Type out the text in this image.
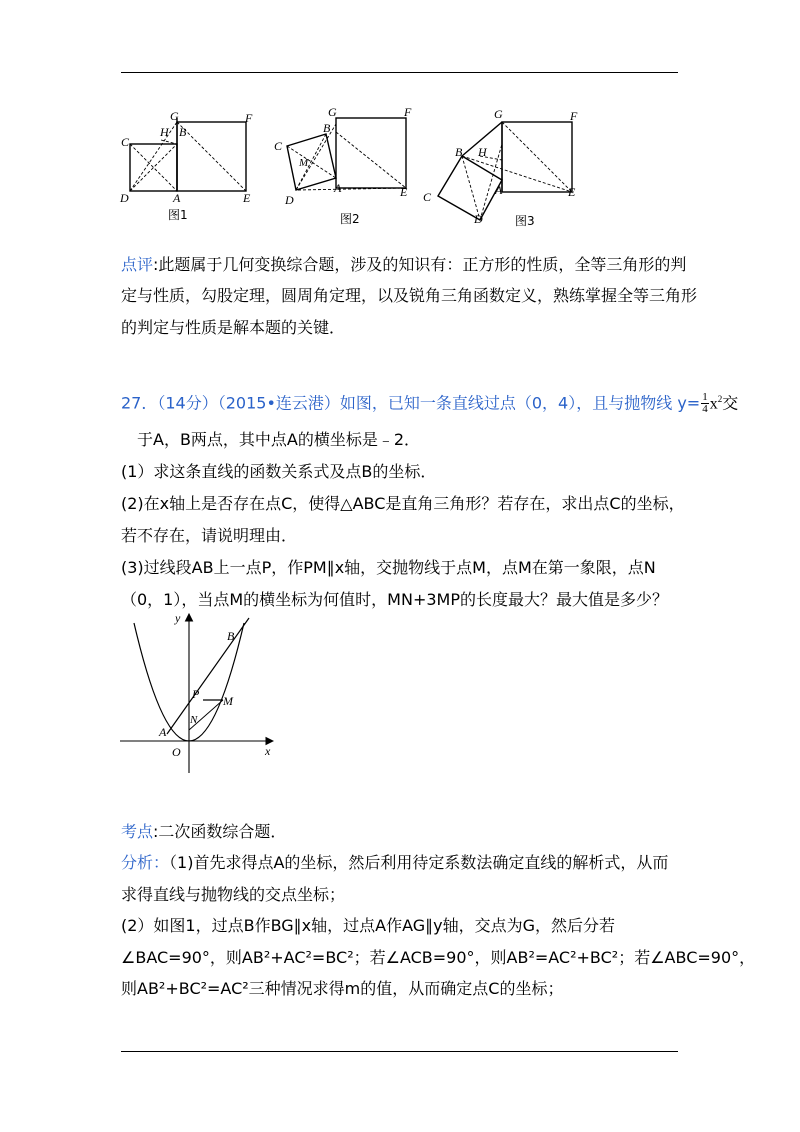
G
H B
F
C
D	A	E
图1
G	F
B
C
M
A
D
E
图2
G	F
B H
C	A
D
E
图3
点评:此题属于几何变换综合题，涉及的知识有：正方形的性质，全等三角形的判
定与性质，勾股定理，圆周角定理，以及锐角三角函数定义，熟练掌握全等三角形
的判定与性质是解本题的关键．
27．（14分）（2015•连云港）如图，已知一条直线过点（0，4），且与抛物线 $y= \frac{1}{4} x^2$交
于A，B两点，其中点A的横坐标是﹣2．
(1）求这条直线的函数关系式及点B的坐标．
(2)在x轴上是否存在点C，使得△ABC是直角三角形？若存在，求出点C的坐标，
若不存在，请说明理由．
(3)过线段AB上一点P，作PM∥x轴，交抛物线于点M，点M在第一象限，点N
（0，1），当点M的横坐标为何值时，MN+3MP的长度最大？最大值是多少？
y
x
B
P M
N
A
O
考点:二次函数综合题．
分析：（1)首先求得点A的坐标，然后利用待定系数法确定直线的解析式，从而
求得直线与抛物线的交点坐标；
(2）如图1，过点B作BG∥x轴，过点A作AG∥y轴，交点为G，然后分若
∠BAC=90°，则AB²+AC²=BC²；若∠ACB=90°，则AB²=AC²+BC²；若∠ABC=90°，
则AB²+BC²=AC²三种情况求得m的值，从而确定点C的坐标；
